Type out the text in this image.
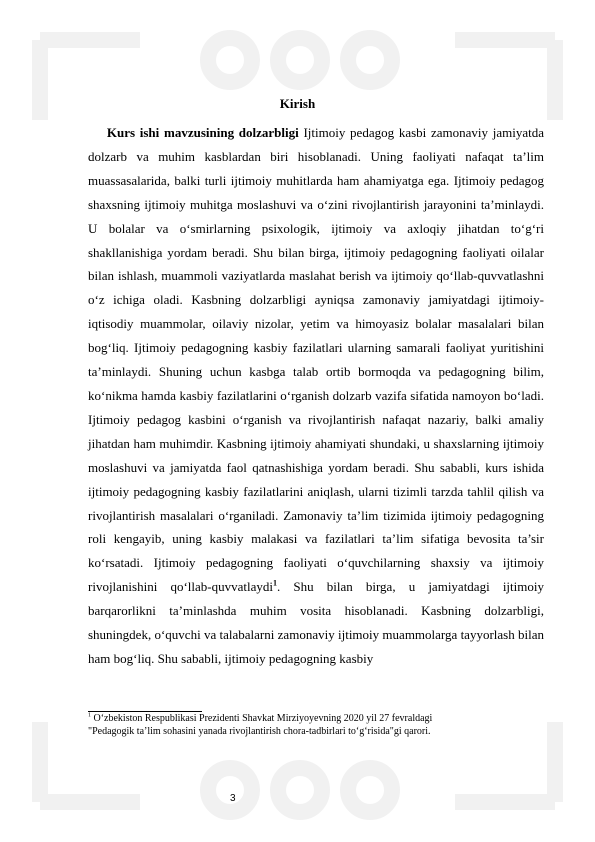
Kirish
Kurs ishi mavzusining dolzarbligi Ijtimoiy pedagog kasbi zamonaviy jamiyatda dolzarb va muhim kasblardan biri hisoblanadi. Uning faoliyati nafaqat ta’lim muassasalarida, balki turli ijtimoiy muhitlarda ham ahamiyatga ega. Ijtimoiy pedagog shaxsning ijtimoiy muhitga moslashuvi va o‘zini rivojlantirish jarayonini ta’minlaydi. U bolalar va o‘smirlarning psixologik, ijtimoiy va axloqiy jihatdan to‘g‘ri shakllanishiga yordam beradi. Shu bilan birga, ijtimoiy pedagogning faoliyati oilalar bilan ishlash, muammoli vaziyatlarda maslahat berish va ijtimoiy qo‘llab-quvvatlashni o‘z ichiga oladi. Kasbning dolzarbligi ayniqsa zamonaviy jamiyatdagi ijtimoiy-iqtisodiy muammolar, oilaviy nizolar, yetim va himoyasiz bolalar masalalari bilan bog‘liq. Ijtimoiy pedagogning kasbiy fazilatlari ularning samarali faoliyat yuritishini ta’minlaydi. Shuning uchun kasbga talab ortib bormoqda va pedagogning bilim, ko‘nikma hamda kasbiy fazilatlarini o‘rganish dolzarb vazifa sifatida namoyon bo‘ladi. Ijtimoiy pedagog kasbini o‘rganish va rivojlantirish nafaqat nazariy, balki amaliy jihatdan ham muhimdir. Kasbning ijtimoiy ahamiyati shundaki, u shaxslarning ijtimoiy moslashuvi va jamiyatda faol qatnashishiga yordam beradi. Shu sababli, kurs ishida ijtimoiy pedagogning kasbiy fazilatlarini aniqlash, ularni tizimli tarzda tahlil qilish va rivojlantirish masalalari o‘rganiladi. Zamonaviy ta’lim tizimida ijtimoiy pedagogning roli kengayib, uning kasbiy malakasi va fazilatlari ta’lim sifatiga bevosita ta’sir ko‘rsatadi. Ijtimoiy pedagogning faoliyati o‘quvchilarning shaxsiy va ijtimoiy rivojlanishini qo‘llab-quvvatlaydi$^1$. Shu bilan birga, u jamiyatdagi ijtimoiy barqarorlikni ta’minlashda muhim vosita hisoblanadi. Kasbning dolzarbligi, shuningdek, o‘quvchi va talabalarni zamonaviy ijtimoiy muammolarga tayyorlash bilan ham bog‘liq. Shu sababli, ijtimoiy pedagogning kasbiy
$^1$ O‘zbekiston Respublikasi Prezidenti Shavkat Mirziyoyevning 2020 yil 27 fevraldagi
"Pedagogik ta’lim sohasini yanada rivojlantirish chora-tadbirlari to‘g‘risida"gi qarori.
3
